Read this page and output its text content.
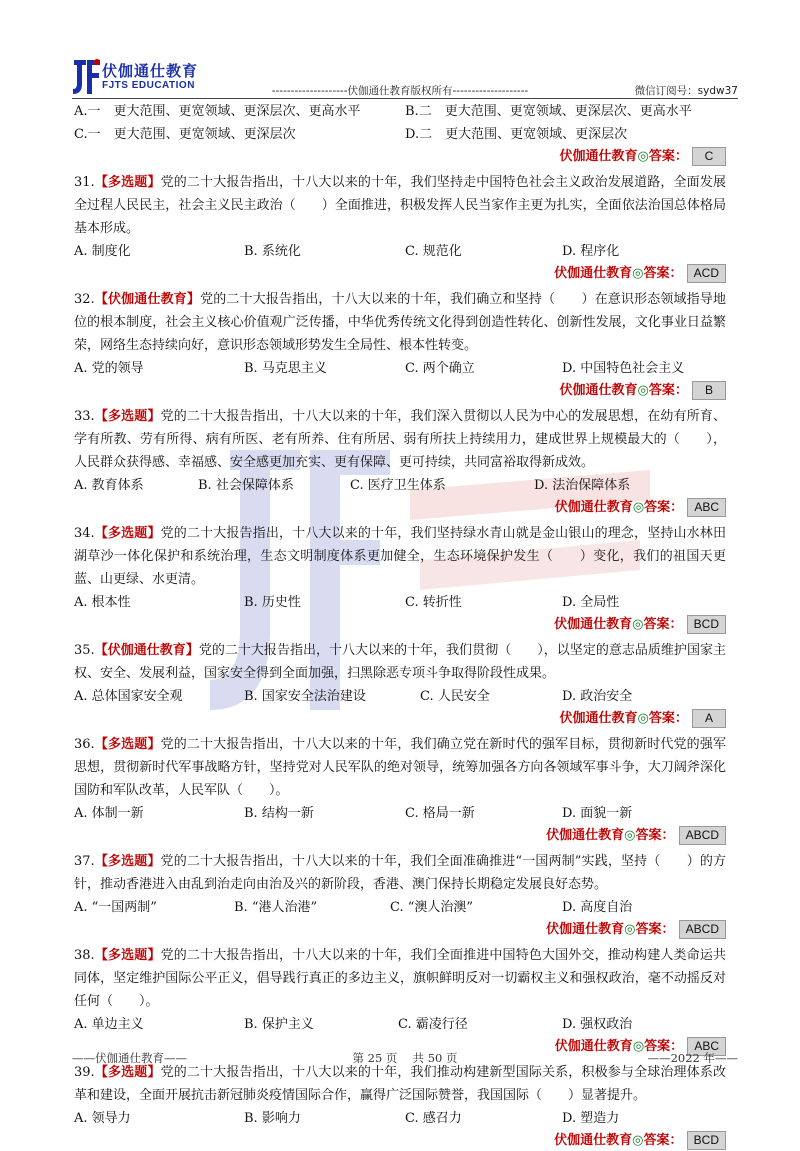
伏伽通仕教育
FJTS EDUCATION	--------------------伏伽通仕教育版权所有--------------------	微信订阅号：sydw37
A.一　更大范围、更宽领域、更深层次、更高水平	B.二　更大范围、更宽领域、更深层次、更高水平
C.一　更大范围、更宽领域、更深层次	D.二　更大范围、更宽领域、更深层次
伏伽通仕教育◎答案： C
31.【多选题】党的二十大报告指出，十八大以来的十年，我们坚持走中国特色社会主义政治发展道路，全面发展全过程人民民主，社会主义民主政治（　　）全面推进，积极发挥人民当家作主更为扎实，全面依法治国总体格局基本形成。
A. 制度化	B. 系统化	C. 规范化	D. 程序化
伏伽通仕教育◎答案： ACD
32.【伏伽通仕教育】党的二十大报告指出，十八大以来的十年，我们确立和坚持（　　）在意识形态领域指导地位的根本制度，社会主义核心价值观广泛传播，中华优秀传统文化得到创造性转化、创新性发展，文化事业日益繁荣，网络生态持续向好，意识形态领域形势发生全局性、根本性转变。
A. 党的领导	B. 马克思主义	C. 两个确立	D. 中国特色社会主义
伏伽通仕教育◎答案： B
33.【多选题】党的二十大报告指出，十八大以来的十年，我们深入贯彻以人民为中心的发展思想，在幼有所育、学有所教、劳有所得、病有所医、老有所养、住有所居、弱有所扶上持续用力，建成世界上规模最大的（　　），人民群众获得感、幸福感、安全感更加充实、更有保障、更可持续，共同富裕取得新成效。
A. 教育体系	B. 社会保障体系	C. 医疗卫生体系	D. 法治保障体系
伏伽通仕教育◎答案： ABC
34.【多选题】党的二十大报告指出，十八大以来的十年，我们坚持绿水青山就是金山银山的理念，坚持山水林田湖草沙一体化保护和系统治理，生态文明制度体系更加健全，生态环境保护发生（　　）变化，我们的祖国天更蓝、山更绿、水更清。
A. 根本性	B. 历史性	C. 转折性	D. 全局性
伏伽通仕教育◎答案： BCD
35.【伏伽通仕教育】党的二十大报告指出，十八大以来的十年，我们贯彻（　　），以坚定的意志品质维护国家主权、安全、发展利益，国家安全得到全面加强，扫黑除恶专项斗争取得阶段性成果。
A. 总体国家安全观	B. 国家安全法治建设	C. 人民安全	D. 政治安全
伏伽通仕教育◎答案： A
36.【多选题】党的二十大报告指出，十八大以来的十年，我们确立党在新时代的强军目标，贯彻新时代党的强军思想，贯彻新时代军事战略方针，坚持党对人民军队的绝对领导，统筹加强各方向各领域军事斗争，大刀阔斧深化国防和军队改革，人民军队（　　）。
A. 体制一新	B. 结构一新	C. 格局一新	D. 面貌一新
伏伽通仕教育◎答案： ABCD
37.【多选题】党的二十大报告指出，十八大以来的十年，我们全面准确推进“一国两制”实践，坚持（　　）的方针，推动香港进入由乱到治走向由治及兴的新阶段，香港、澳门保持长期稳定发展良好态势。
A. “一国两制”	B. “港人治港”	C. “澳人治澳”	D. 高度自治
伏伽通仕教育◎答案： ABCD
38.【多选题】党的二十大报告指出，十八大以来的十年，我们全面推进中国特色大国外交，推动构建人类命运共同体，坚定维护国际公平正义，倡导践行真正的多边主义，旗帜鲜明反对一切霸权主义和强权政治，毫不动摇反对任何（　　）。
A. 单边主义	B. 保护主义	C. 霸凌行径	D. 强权政治
伏伽通仕教育◎答案： ABC
39.【多选题】党的二十大报告指出，十八大以来的十年，我们推动构建新型国际关系，积极参与全球治理体系改革和建设，全面开展抗击新冠肺炎疫情国际合作，赢得广泛国际赞誉，我国国际（　　）显著提升。
A. 领导力	B. 影响力	C. 感召力	D. 塑造力
伏伽通仕教育◎答案： BCD
——伏伽通仕教育——	第 25 页　 共 50 页	——2022 年——
